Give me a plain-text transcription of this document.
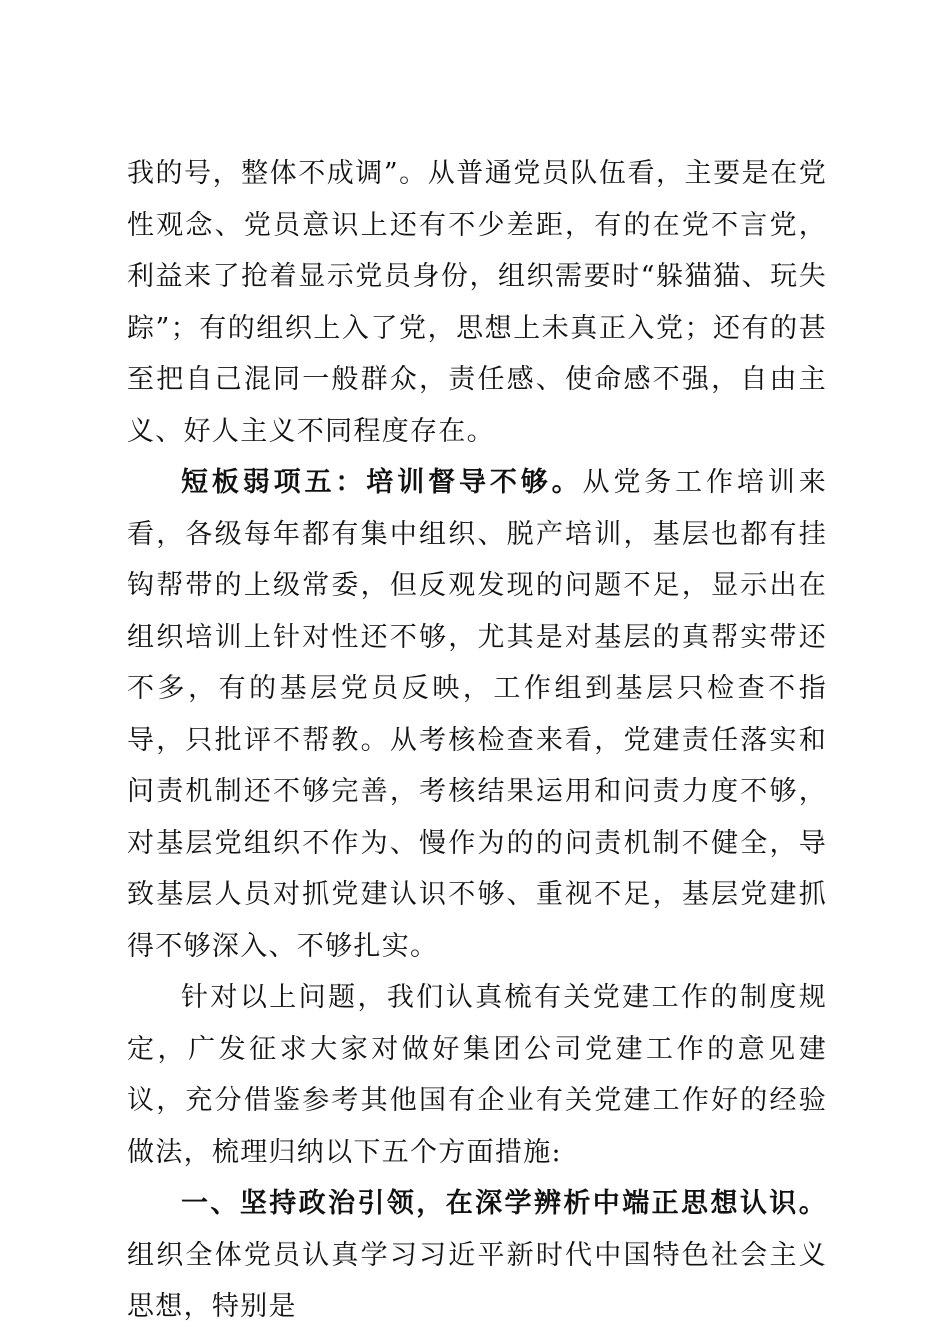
我的号，整体不成调”。从普通党员队伍看，主要是在党性观念、党员意识上还有不少差距，有的在党不言党，利益来了抢着显示党员身份，组织需要时“躲猫猫、玩失踪”；有的组织上入了党，思想上未真正入党；还有的甚至把自己混同一般群众，责任感、使命感不强，自由主义、好人主义不同程度存在。

短板弱项五：培训督导不够。从党务工作培训来看，各级每年都有集中组织、脱产培训，基层也都有挂钩帮带的上级常委，但反观发现的问题不足，显示出在组织培训上针对性还不够，尤其是对基层的真帮实带还不多，有的基层党员反映，工作组到基层只检查不指导，只批评不帮教。从考核检查来看，党建责任落实和问责机制还不够完善，考核结果运用和问责力度不够，对基层党组织不作为、慢作为的的问责机制不健全，导致基层人员对抓党建认识不够、重视不足，基层党建抓得不够深入、不够扎实。

针对以上问题，我们认真梳有关党建工作的制度规定，广发征求大家对做好集团公司党建工作的意见建议，充分借鉴参考其他国有企业有关党建工作好的经验做法，梳理归纳以下五个方面措施:

一、坚持政治引领，在深学辨析中端正思想认识。组织全体党员认真学习习近平新时代中国特色社会主义思想，特别是
